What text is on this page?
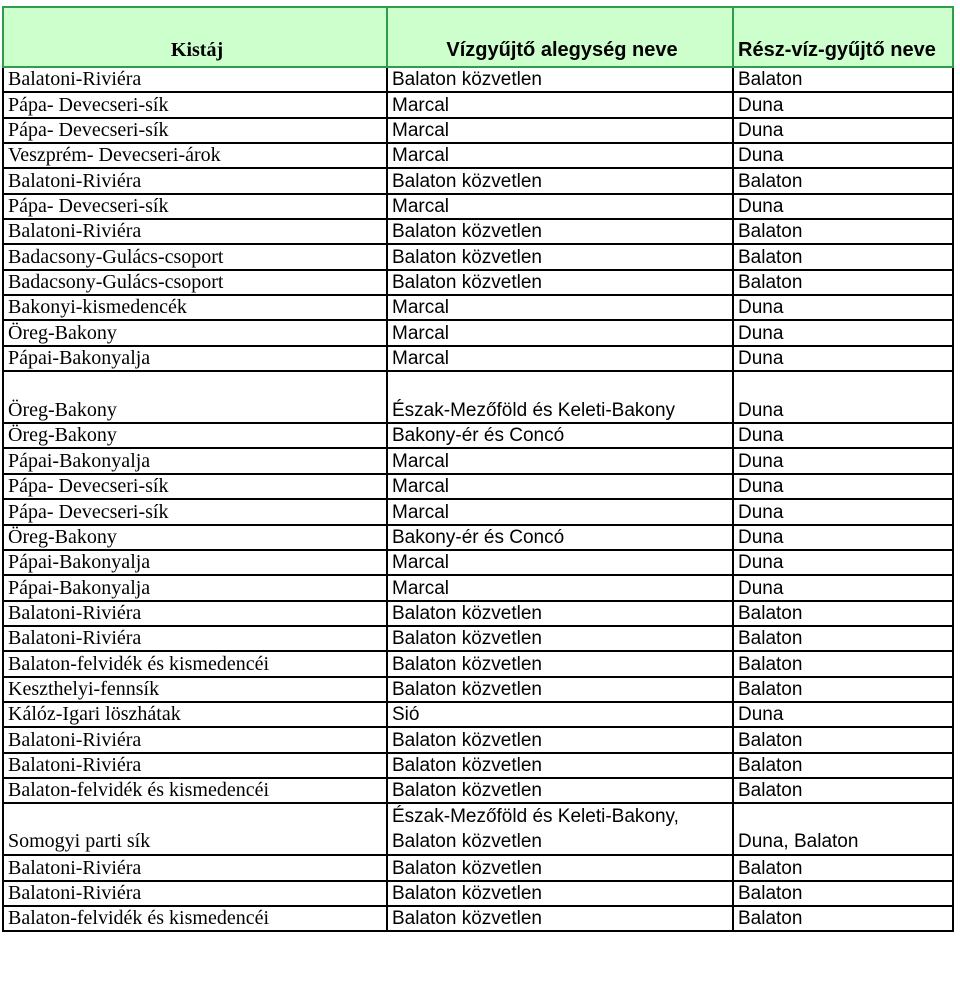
Kistáj	Vízgyűjtő alegység neve	Rész-víz-gyűjtő neve
Balatoni-Riviéra	Balaton közvetlen	Balaton
Pápa- Devecseri-sík	Marcal	Duna
Pápa- Devecseri-sík	Marcal	Duna
Veszprém- Devecseri-árok	Marcal	Duna
Balatoni-Riviéra	Balaton közvetlen	Balaton
Pápa- Devecseri-sík	Marcal	Duna
Balatoni-Riviéra	Balaton közvetlen	Balaton
Badacsony-Gulács-csoport	Balaton közvetlen	Balaton
Badacsony-Gulács-csoport	Balaton közvetlen	Balaton
Bakonyi-kismedencék	Marcal	Duna
Öreg-Bakony	Marcal	Duna
Pápai-Bakonyalja	Marcal	Duna
Öreg-Bakony	Észak-Mezőföld és Keleti-Bakony	Duna
Öreg-Bakony	Bakony-ér és Concó	Duna
Pápai-Bakonyalja	Marcal	Duna
Pápa- Devecseri-sík	Marcal	Duna
Pápa- Devecseri-sík	Marcal	Duna
Öreg-Bakony	Bakony-ér és Concó	Duna
Pápai-Bakonyalja	Marcal	Duna
Pápai-Bakonyalja	Marcal	Duna
Balatoni-Riviéra	Balaton közvetlen	Balaton
Balatoni-Riviéra	Balaton közvetlen	Balaton
Balaton-felvidék és kismedencéi	Balaton közvetlen	Balaton
Keszthelyi-fennsík	Balaton közvetlen	Balaton
Kálóz-Igari löszhátak	Sió	Duna
Balatoni-Riviéra	Balaton közvetlen	Balaton
Balatoni-Riviéra	Balaton közvetlen	Balaton
Balaton-felvidék és kismedencéi	Balaton közvetlen	Balaton
Somogyi parti sík	Észak-Mezőföld és Keleti-Bakony, Balaton közvetlen	Duna, Balaton
Balatoni-Riviéra	Balaton közvetlen	Balaton
Balatoni-Riviéra	Balaton közvetlen	Balaton
Balaton-felvidék és kismedencéi	Balaton közvetlen	Balaton
